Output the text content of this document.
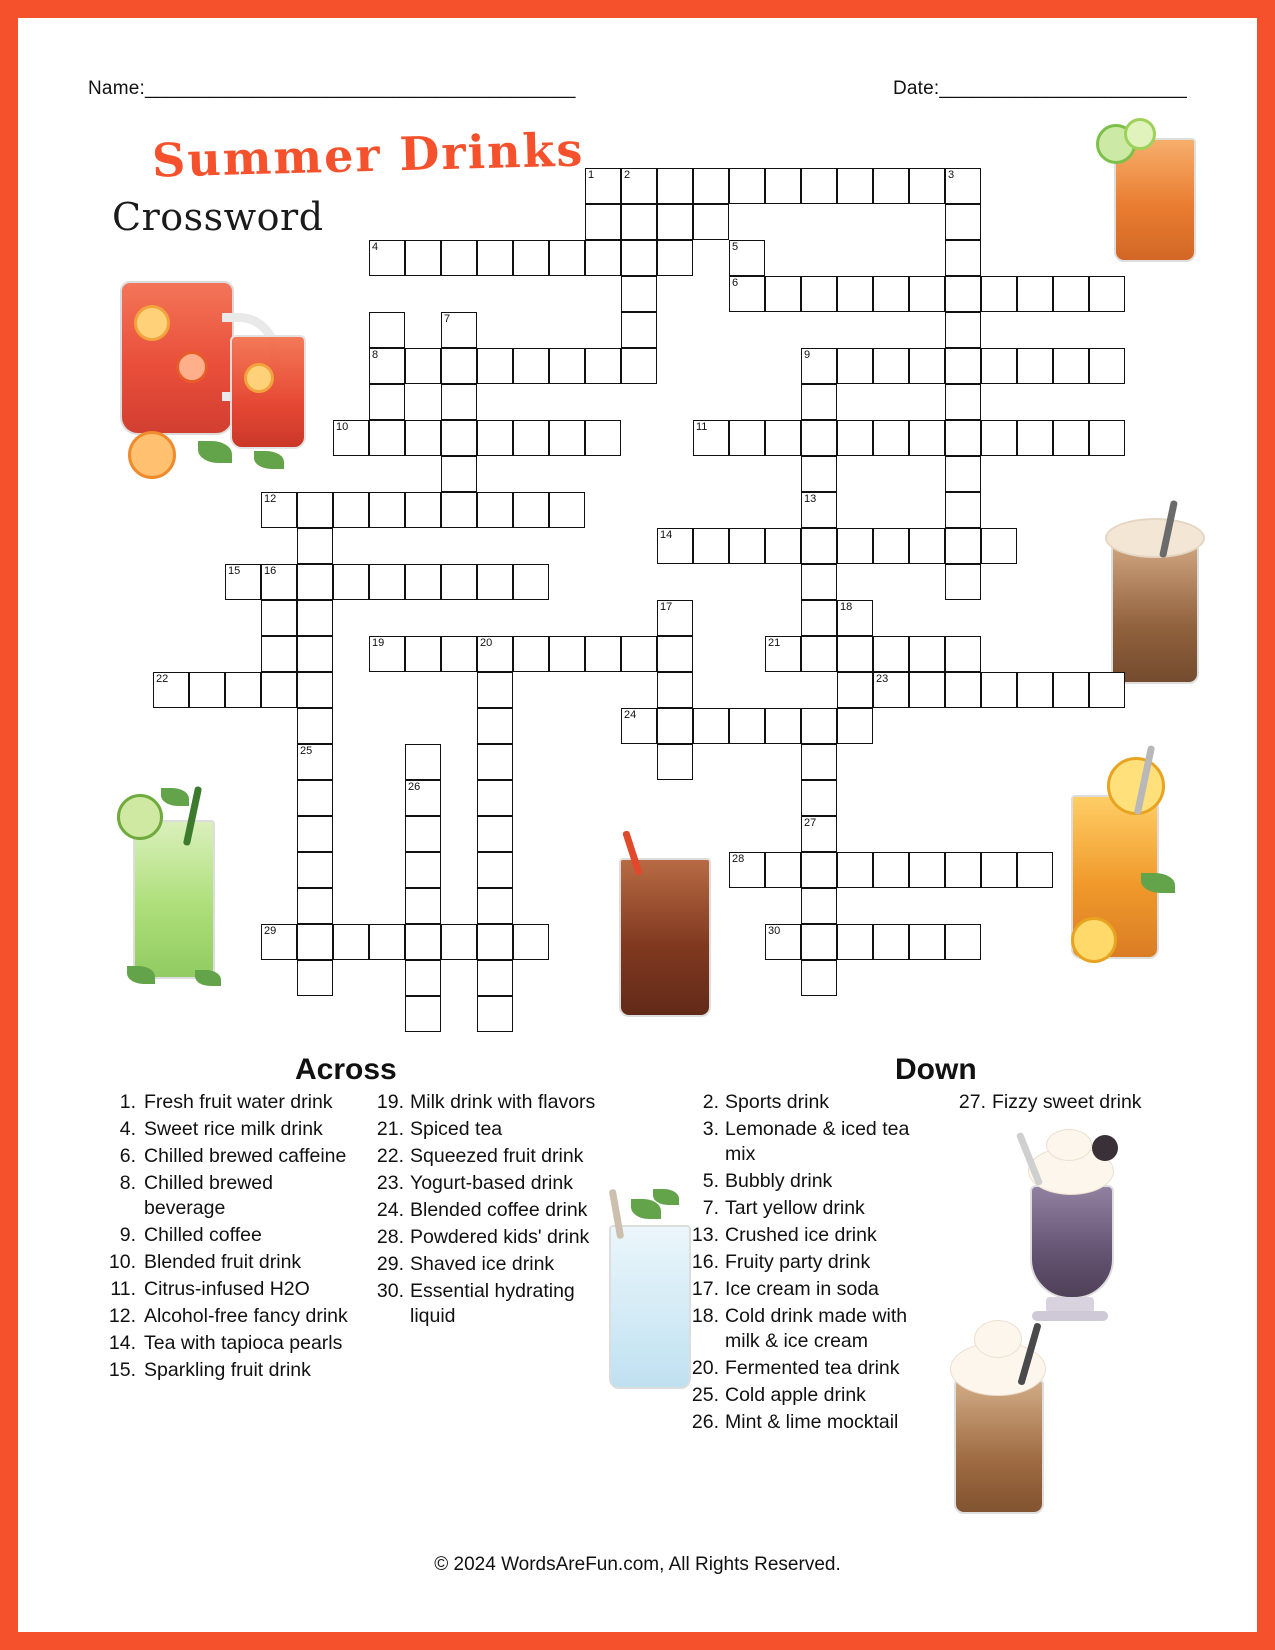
Name:________________________________________	Date:_______________________
Summer Drinks
Crossword
1	2
4
6
8	9
10	11
12
14
15 16
19	20	21
22	23
24
28
29	30
3
5
7
13
17	18
25
26
27
Across	Down
1. Fresh fruit water drink
4. Sweet rice milk drink
6. Chilled brewed caffeine
8. Chilled brewed beverage
9. Chilled coffee
10. Blended fruit drink
11. Citrus-infused H2O
12. Alcohol-free fancy drink
14. Tea with tapioca pearls
15. Sparkling fruit drink
19. Milk drink with flavors
21. Spiced tea
22. Squeezed fruit drink
23. Yogurt-based drink
24. Blended coffee drink
28. Powdered kids' drink
29. Shaved ice drink
30. Essential hydrating liquid
2. Sports drink
3. Lemonade & iced tea mix
5. Bubbly drink
7. Tart yellow drink
13. Crushed ice drink
16. Fruity party drink
17. Ice cream in soda
18. Cold drink made with milk & ice cream
20. Fermented tea drink
25. Cold apple drink
26. Mint & lime mocktail
27. Fizzy sweet drink
© 2024 WordsAreFun.com, All Rights Reserved.
